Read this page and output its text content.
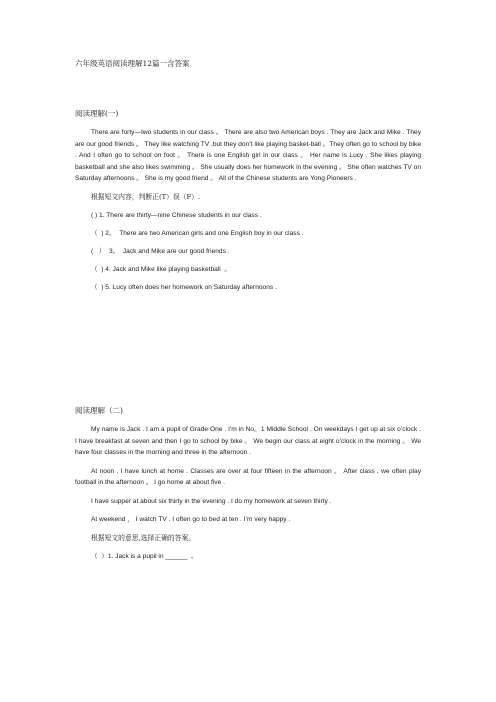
六年级英语阅读理解12篇一含答案
阅读理解(一)

There are forty—two students in our class 。 There are also two American boys . They are Jack and Mike . They are our good friends 。 They like watching TV ,but they don’t like playing basket-ball 。They often go to school by bike . And I often go to school on foot 。 There is one English girl in our class 。 Her name is Lucy . She likes playing basketball and she also likes swimming 。 She usually does her homework in the evening 。 She often watches TV on Saturday afternoons 。 She is my good friend 。 All of the Chinese students are Yong Pioneers .

根据短文内容，判断正(T）误（F）.
( ) 1. There are thirty—nine Chinese students in our class .
（  ) 2。  There are two American girls and one English boy in our class .
(   ）  3。  Jack and Mike are our good friends .
（  ) 4. Jack and Mike like playing basketball  。
（  ) 5. Lucy often does her homework on Saturday afternoons .
阅读理解（二)

My name is Jack . I am a pupil of Grade One . I'm in No。1 Middle School . On weekdays I get up at six o’clock . I have breakfast at seven and then I go to school by bike 。 We begin our class at eight o’clock in the morning 。 We have four classes in the morning and three in the afternoon .

At noon , I have lunch at home . Classes are over at four fifteen in the afternoon 。 After class , we often play football in the afternoon 。 I go home at about five .

I have supper at about six thirty in the evening . I do my homework at seven thirty .

At weekend ， I watch TV . I often go to bed at ten . I’m very happy .

根据短文的意思,选择正确的答案。
（  ）1. Jack is a pupil in ______  。
